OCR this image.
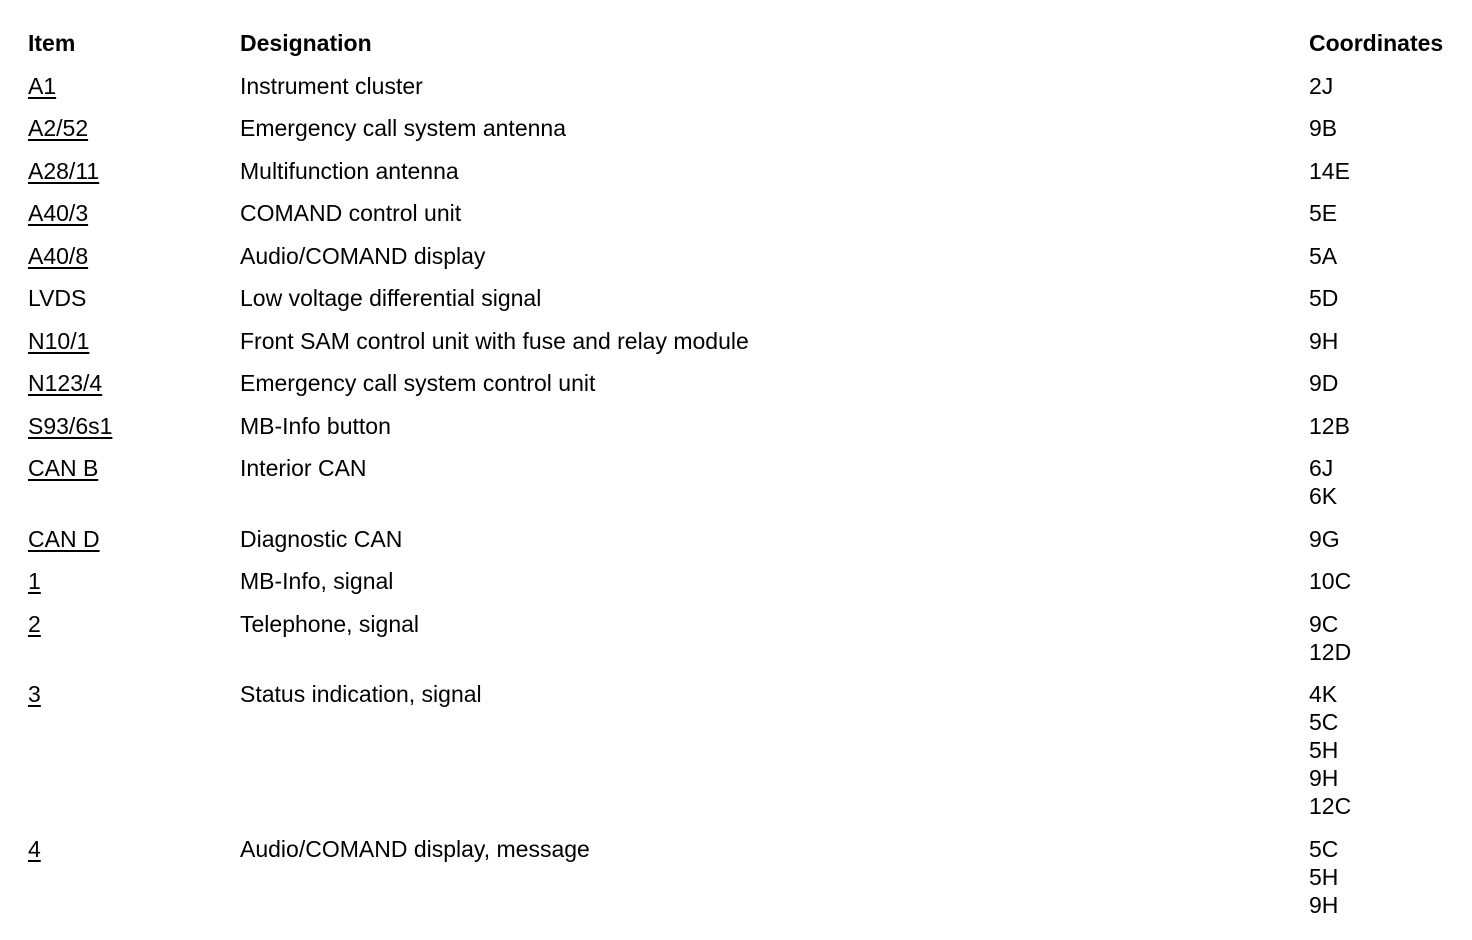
Item	Designation	Coordinates
A1	Instrument cluster	2J
A2/52	Emergency call system antenna	9B
A28/11	Multifunction antenna	14E
A40/3	COMAND control unit	5E
A40/8	Audio/COMAND display	5A
LVDS	Low voltage differential signal	5D
N10/1	Front SAM control unit with fuse and relay module	9H
N123/4	Emergency call system control unit	9D
S93/6s1	MB-Info button	12B
CAN B	Interior CAN	6J
6K
CAN D	Diagnostic CAN	9G
1	MB-Info, signal	10C
2	Telephone, signal	9C
12D
3	Status indication, signal	4K
5C
5H
9H
12C
4	Audio/COMAND display, message	5C
5H
9H
